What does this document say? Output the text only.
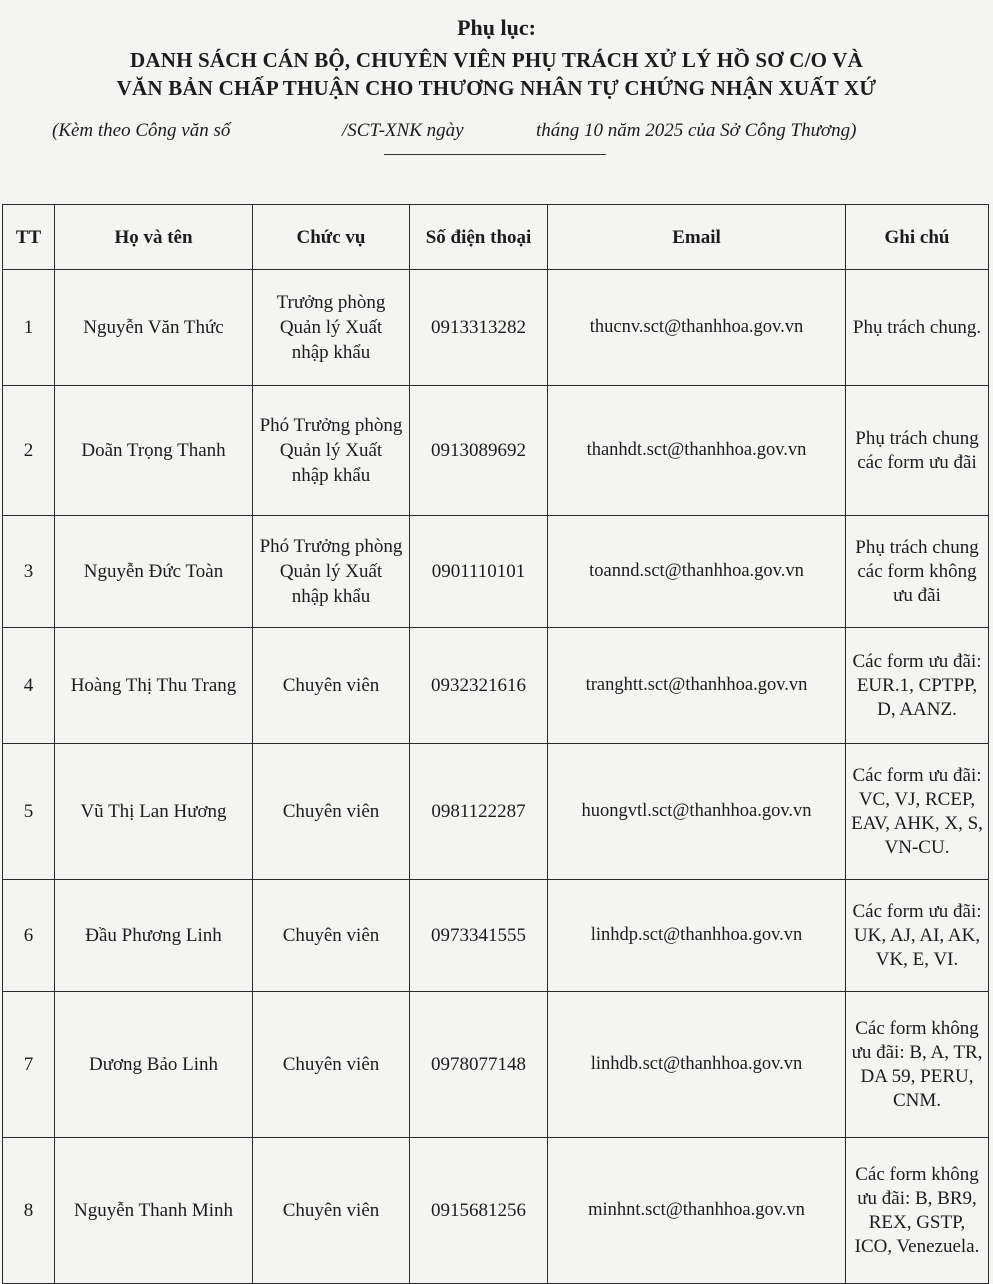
Phụ lục:

DANH SÁCH CÁN BỘ, CHUYÊN VIÊN PHỤ TRÁCH XỬ LÝ HỒ SƠ C/O VÀ

VĂN BẢN CHẤP THUẬN CHO THƯƠNG NHÂN TỰ CHỨNG NHẬN XUẤT XỨ

(Kèm theo Công văn số	/SCT-XNK ngày	tháng 10 năm 2025 của Sở Công Thương)
TT	Họ và tên	Chức vụ	Số điện thoại	Email	Ghi chú
1	Nguyễn Văn Thức	Trưởng phòng Quản lý Xuất nhập khẩu	0913313282	thucnv.sct@thanhhoa.gov.vn	Phụ trách chung.
2	Doãn Trọng Thanh	Phó Trưởng phòng Quản lý Xuất nhập khẩu	0913089692	thanhdt.sct@thanhhoa.gov.vn	Phụ trách chung các form ưu đãi
3	Nguyễn Đức Toàn	Phó Trưởng phòng Quản lý Xuất nhập khẩu	0901110101	toannd.sct@thanhhoa.gov.vn	Phụ trách chung các form không ưu đãi
4	Hoàng Thị Thu Trang	Chuyên viên	0932321616	tranghtt.sct@thanhhoa.gov.vn	Các form ưu đãi: EUR.1, CPTPP, D, AANZ.
5	Vũ Thị Lan Hương	Chuyên viên	0981122287	huongvtl.sct@thanhhoa.gov.vn	Các form ưu đãi: VC, VJ, RCEP, EAV, AHK, X, S, VN-CU.
6	Đầu Phương Linh	Chuyên viên	0973341555	linhdp.sct@thanhhoa.gov.vn	Các form ưu đãi: UK, AJ, AI, AK, VK, E, VI.
7	Dương Bảo Linh	Chuyên viên	0978077148	linhdb.sct@thanhhoa.gov.vn	Các form không ưu đãi: B, A, TR, DA 59, PERU, CNM.
8	Nguyễn Thanh Minh	Chuyên viên	0915681256	minhnt.sct@thanhhoa.gov.vn	Các form không ưu đãi: B, BR9, REX, GSTP, ICO, Venezuela.
